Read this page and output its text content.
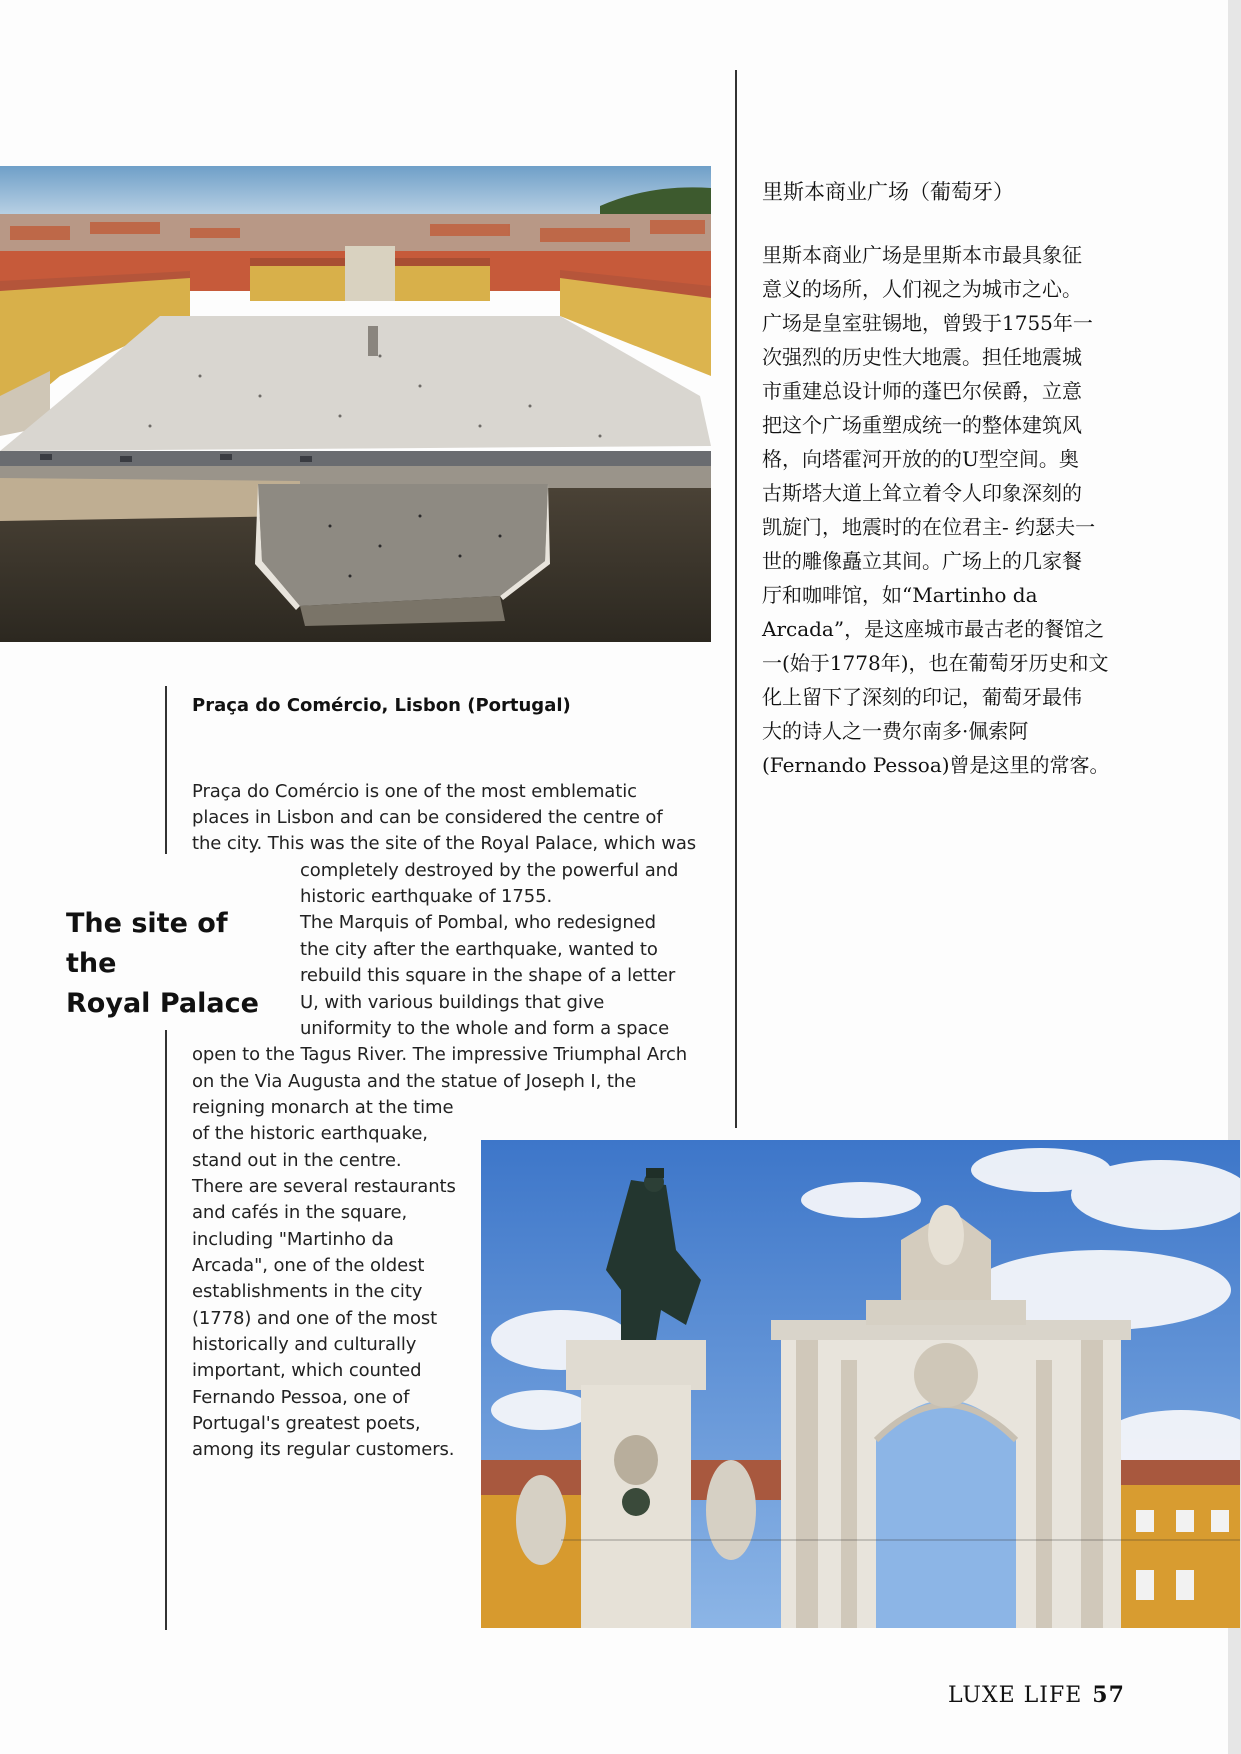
Praça do Comércio, Lisbon (Portugal)
The site of the
Royal Palace
Praça do Comércio is one of the most emblematic
places in Lisbon and can be considered the centre of
the city. This was the site of the Royal Palace, which was
completely destroyed by the powerful and
historic earthquake of 1755.
The Marquis of Pombal, who redesigned
the city after the earthquake, wanted to
rebuild this square in the shape of a letter
U, with various buildings that give
uniformity to the whole and form a space
open to the Tagus River. The impressive Triumphal Arch
on the Via Augusta and the statue of Joseph I, the
reigning monarch at the time
of the historic earthquake,
stand out in the centre.
There are several restaurants
and cafés in the square,
including "Martinho da
Arcada", one of the oldest
establishments in the city
(1778) and one of the most
historically and culturally
important, which counted
Fernando Pessoa, one of
Portugal's greatest poets,
among its regular customers.
里斯本商业广场（葡萄牙）
里斯本商业广场是里斯本市最具象征
意义的场所，人们视之为城市之心。
广场是皇室驻锡地，曾毁于1755年一
次强烈的历史性大地震。担任地震城
市重建总设计师的蓬巴尔侯爵，立意
把这个广场重塑成统一的整体建筑风
格，向塔霍河开放的的U型空间。奥
古斯塔大道上耸立着令人印象深刻的
凯旋门，地震时的在位君主- 约瑟夫一
世的雕像矗立其间。广场上的几家餐
厅和咖啡馆，如“Martinho da
Arcada”，是这座城市最古老的餐馆之
一(始于1778年)，也在葡萄牙历史和文
化上留下了深刻的印记，葡萄牙最伟
大的诗人之一费尔南多·佩索阿
(Fernando Pessoa)曾是这里的常客。
LUXE LIFE 57
